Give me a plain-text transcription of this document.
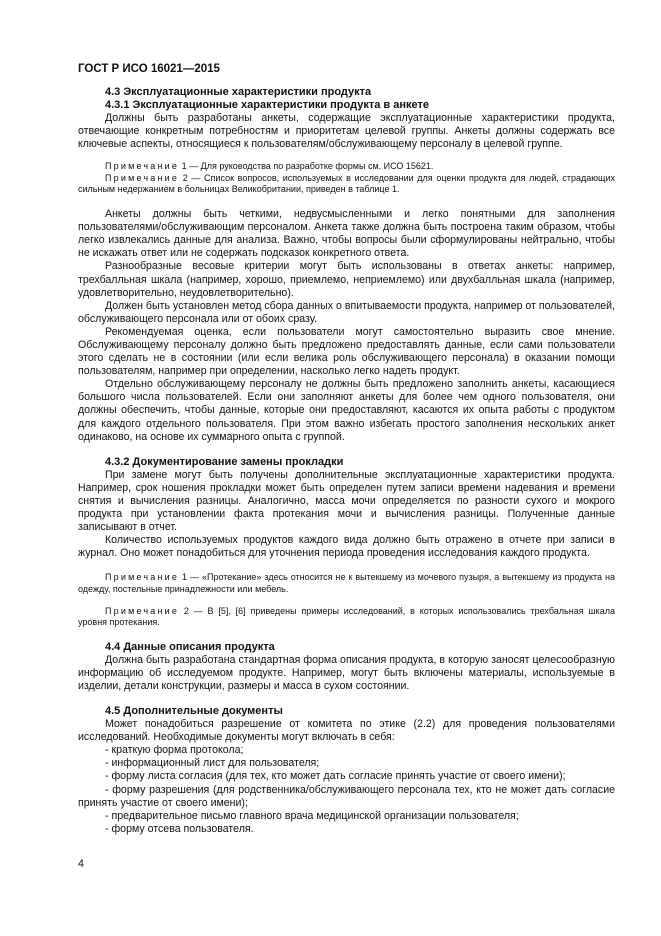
ГОСТ Р ИСО 16021—2015
4.3 Эксплуатационные характеристики продукта
4.3.1 Эксплуатационные характеристики продукта в анкете

Должны быть разработаны анкеты, содержащие эксплуатационные характеристики продукта, отвечающие конкретным потребностям и приоритетам целевой группы. Анкеты должны содержать все ключевые аспекты, относящиеся к пользователям/обслуживающему персоналу в целевой группе.

Примечание 1 — Для руководства по разработке формы см. ИСО 15621.

Примечание 2 — Список вопросов, используемых в исследовании для оценки продукта для людей, страдающих сильным недержанием в больницах Великобритании, приведен в таблице 1.

Анкеты должны быть четкими, недвусмысленными и легко понятными для заполнения пользователями/обслуживающим персоналом. Анкета также должна быть построена таким образом, чтобы легко извлекались данные для анализа. Важно, чтобы вопросы были сформулированы нейтрально, чтобы не искажать ответ или не содержать подсказок конкретного ответа.

Разнообразные весовые критерии могут быть использованы в ответах анкеты: например, трехбалльная шкала (например, хорошо, приемлемо, неприемлемо) или двухбалльная шкала (например, удовлетворительно, неудовлетворительно).

Должен быть установлен метод сбора данных о впитываемости продукта, например от пользователей, обслуживающего персонала или от обоих сразу.

Рекомендуемая оценка, если пользователи могут самостоятельно выразить свое мнение. Обслуживающему персоналу должно быть предложено предоставлять данные, если сами пользователи этого сделать не в состоянии (или если велика роль обслуживающего персонала) в оказании помощи пользователям, например при определении, насколько легко надеть продукт.

Отдельно обслуживающему персоналу не должны быть предложено заполнить анкеты, касающиеся большого числа пользователей. Если они заполняют анкеты для более чем одного пользователя, они должны обеспечить, чтобы данные, которые они предоставляют, касаются их опыта работы с продуктом для каждого отдельного пользователя. При этом важно избегать простого заполнения нескольких анкет одинаково, на основе их суммарного опыта с группой.

4.3.2 Документирование замены прокладки

При замене могут быть получены дополнительные эксплуатационные характеристики продукта. Например, срок ношения прокладки может быть определен путем записи времени надевания и времени снятия и вычисления разницы. Аналогично, масса мочи определяется по разности сухого и мокрого продукта при установлении факта протекания мочи и вычисления разницы. Полученные данные записывают в отчет.

Количество используемых продуктов каждого вида должно быть отражено в отчете при записи в журнал. Оно может понадобиться для уточнения периода проведения исследования каждого продукта.

Примечание 1 — «Протекание» здесь относится не к вытекшему из мочевого пузыря, а вытекшему из продукта на одежду, постельные принадлежности или мебель.

Примечание 2 — В [5], [6] приведены примеры исследований, в которых использовались трехбальная шкала уровня протекания.

4.4 Данные описания продукта

Должна быть разработана стандартная форма описания продукта, в которую заносят целесообразную информацию об исследуемом продукте. Например, могут быть включены материалы, используемые в изделии, детали конструкции, размеры и масса в сухом состоянии.

4.5 Дополнительные документы

Может понадобиться разрешение от комитета по этике (2.2) для проведения пользователями исследований. Необходимые документы могут включать в себя:

- краткую форма протокола;

- информационный лист для пользователя;

- форму листа согласия (для тех, кто может дать согласие принять участие от своего имени);

- форму разрешения (для родственника/обслуживающего персонала тех, кто не может дать согласие принять участие от своего имени);

- предварительное письмо главного врача медицинской организации пользователя;

- форму отсева пользователя.

4
